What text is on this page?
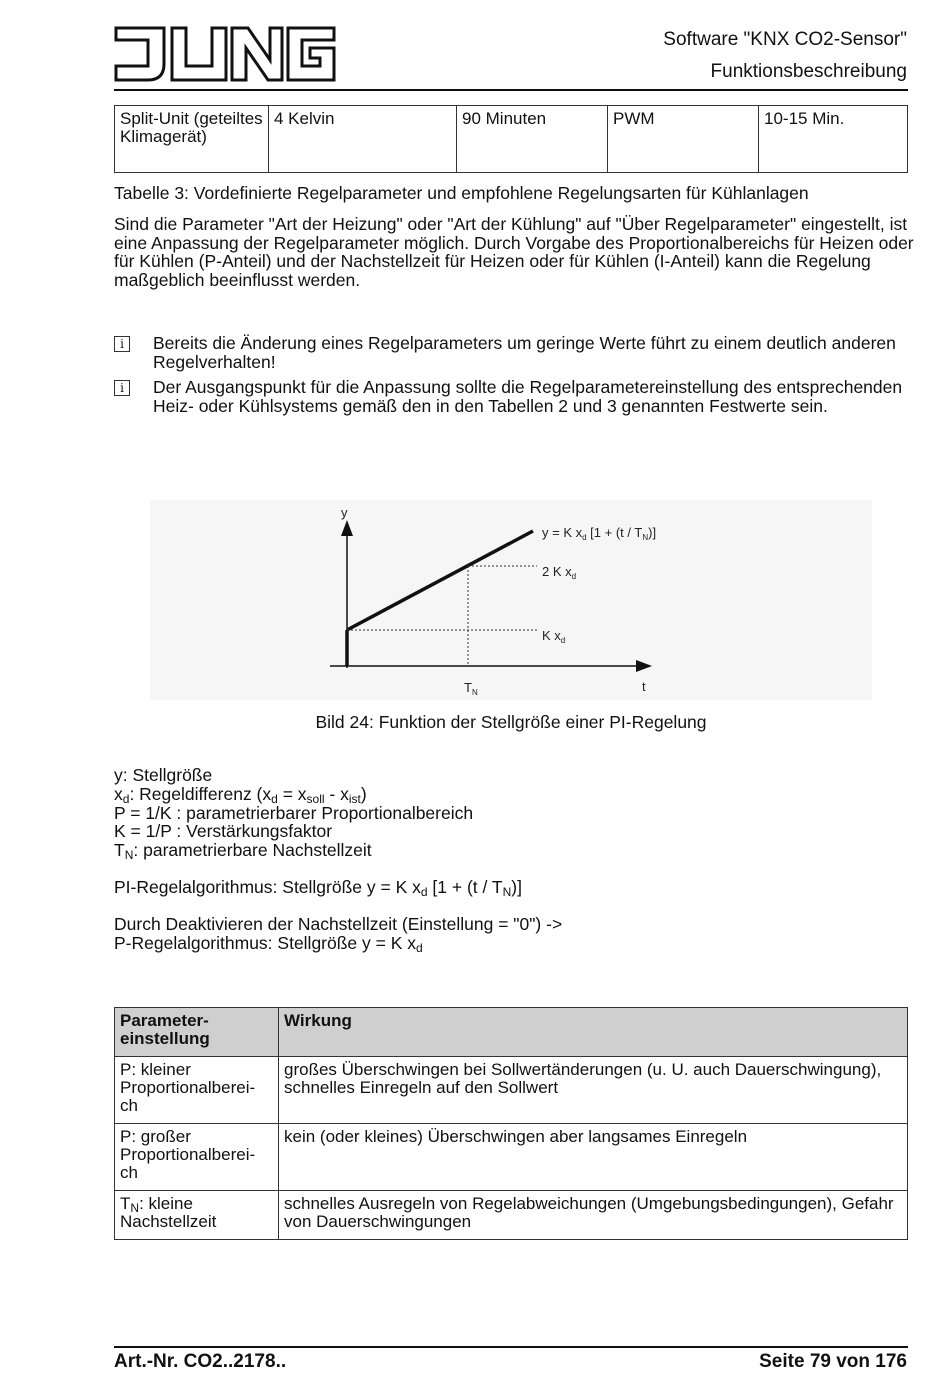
Software "KNX CO2-Sensor"
Funktionsbeschreibung
Split-Unit (geteiltes Klimagerät)	4 Kelvin	90 Minuten	PWM	10-15 Min.
Tabelle 3: Vordefinierte Regelparameter und empfohlene Regelungsarten für Kühlanlagen
Sind die Parameter "Art der Heizung" oder "Art der Kühlung" auf "Über Regelparameter" eingestellt, ist eine Anpassung der Regelparameter möglich. Durch Vorgabe des Proportionalbereichs für Heizen oder für Kühlen (P-Anteil) und der Nachstellzeit für Heizen oder für Kühlen (I-Anteil) kann die Regelung maßgeblich beeinflusst werden.
i	Bereits die Änderung eines Regelparameters um geringe Werte führt zu einem deutlich anderen Regelverhalten!
i	Der Ausgangspunkt für die Anpassung sollte die Regelparametereinstellung des entsprechenden Heiz- oder Kühlsystems gemäß den in den Tabellen 2 und 3 genannten Festwerte sein.
y
t
$T_N$
y = K $x_d$ $[1 + (t / T_N)]$
2 K $x_d$
K $x_d$
Bild 24: Funktion der Stellgröße einer PI-Regelung
y: Stellgröße
$x_d$: Regeldifferenz $(x_d = x_{soll} - x_{ist})$
P = 1/K : parametrierbarer Proportionalbereich
K = 1/P : Verstärkungsfaktor
$T_N$: parametrierbare Nachstellzeit
PI-Regelalgorithmus: Stellgröße y = K $x_d$ $[1 + (t / T_N)]$
Durch Deaktivieren der Nachstellzeit (Einstellung = "0") ->
P-Regelalgorithmus: Stellgröße y = K $x_d$
Parameter-einstellung	Wirkung
P: kleiner Proportionalberei-ch	großes Überschwingen bei Sollwertänderungen (u. U. auch Dauerschwingung), schnelles Einregeln auf den Sollwert
P: großer Proportionalberei-ch	kein (oder kleines) Überschwingen aber langsames Einregeln
$T_N$: kleine Nachstellzeit	schnelles Ausregeln von Regelabweichungen (Umgebungsbedingungen), Gefahr von Dauerschwingungen
Art.-Nr. CO2..2178..	Seite 79 von 176
